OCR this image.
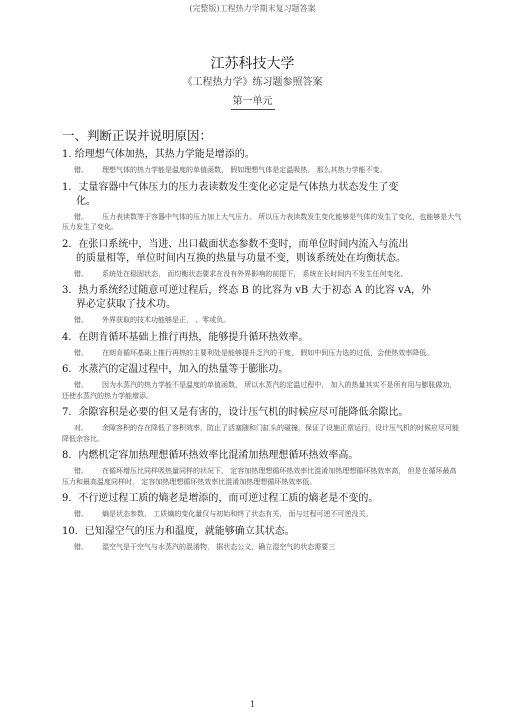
(完整版)工程热力学期末复习题答案
江苏科技大学
《工程热力学》练习题参照答案
第一单元
一、判断正误并说明原因：
1. 给理想气体加热，其热力学能是增添的。
错。 理想气体的热力学能是温度的单值函数， 假如理想气体是定温吸热， 那么其热力学能不变。
1．丈量容器中气体压力的压力表读数发生变化必定是气体热力状态发生了变
化。
错。 压力表读数等于容器中气体的压力加上大气压力。 所以压力表读数发生变化能够是气体的发生了变化，也能够是大气压力发生了变化。
2．在张口系统中，当进、出口截面状态参数不变时，而单位时间内流入与流出
的质量相等，单位时间内互换的热量与功量不变，则该系统处在均衡状态。
错。 系统处在稳固状态， 而均衡状态要求在没有外界影响的前提下， 系统在长时间内不发生任何变化。
3．热力系统经过随意可逆过程后，终态 B 的比容为 vB 大于初态 A 的比容 vA，外
界必定获取了技术功。
错。 外界获取的技术功能够是正， 、零或负。
4．在朗肯循环基础上推行再热，能够提升循环热效率。
错。 在朗肯循环基础上推行再热的主要利处是能够提升乏汽的干度， 假如中间压力选的过低，会使热效率降低。
6．水蒸汽的定温过程中，加入的热量等于膨胀功。
错。 因为水蒸汽的热力学能不是温度的单值函数， 所以水蒸汽的定温过程中， 加入的热量其实不是所有用与膨胀做功，还使水蒸汽的热力学能增添。
7．余隙容积是必要的但又是有害的，设计压气机的时候应尽可能降低余隙比。
对。 余隙容积的存在降低了容积效率，防止了活塞随和门缸头的碰撞，保证了设施正常运行，设计压气机的时候应尽可能降低余容比。
8．内燃机定容加热理想循环热效率比混淆加热理想循环热效率高。
错。 在循环增压比同样吸热量同样的状况下， 定容加热理想循环热效率比混淆加热理想循环热效率高， 但是在循环最高压力和最高温度同样时， 定容加热理想循环热效率比混淆加热理想循环热效率低。
9．不行逆过程工质的熵老是增添的，而可逆过程工质的熵老是不变的。
错。 熵是状态参数， 工质熵的变化量仅与初始和终了状态有关， 而与过程可逆不可逆没关。
10．已知湿空气的压力和温度，就能够确立其状态。
错。 湿空气是干空气与水蒸汽的混淆物， 据状态公义，确立湿空气的状态需要三
1
